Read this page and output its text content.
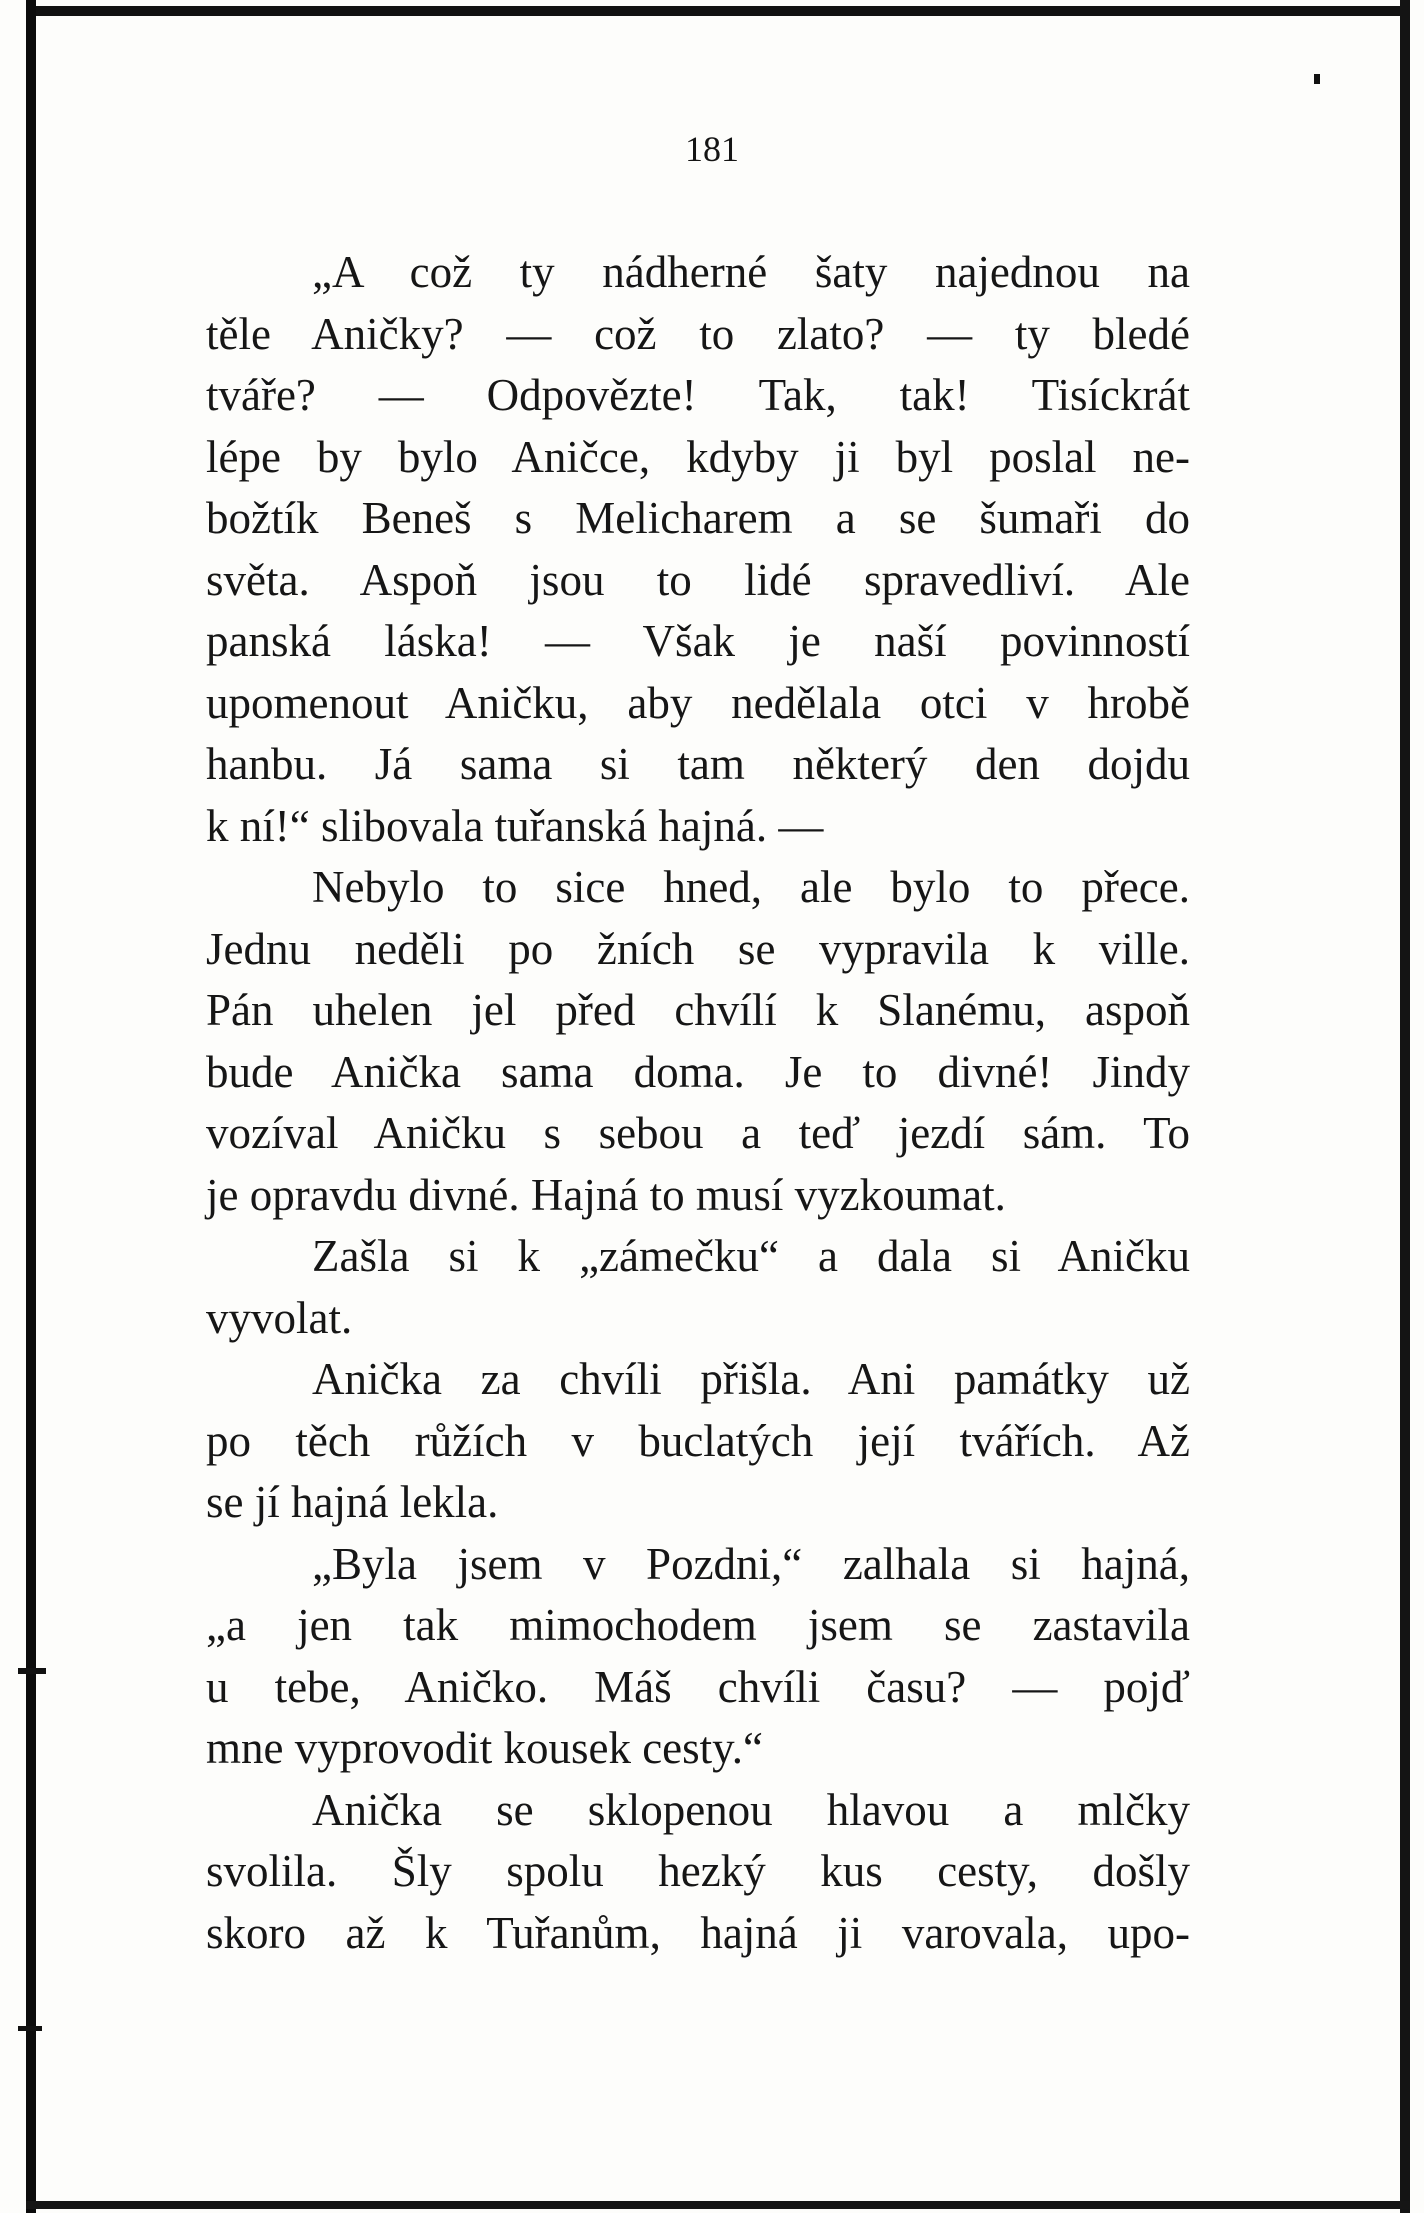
181
„A což ty nádherné šaty najednou na
těle Aničky? — což to zlato? — ty bledé
tváře? — Odpovězte! Tak, tak! Tisíckrát
lépe by bylo Aničce, kdyby ji byl poslal ne-
božtík Beneš s Melicharem a se šumaři do
světa. Aspoň jsou to lidé spravedliví. Ale
panská láska! — Však je naší povinností
upomenout Aničku, aby nedělala otci v hrobě
hanbu. Já sama si tam některý den dojdu
k ní!“ slibovala tuřanská hajná. —
Nebylo to sice hned, ale bylo to přece.
Jednu neděli po žních se vypravila k ville.
Pán uhelen jel před chvílí k Slanému, aspoň
bude Anička sama doma. Je to divné! Jindy
vozíval Aničku s sebou a teď jezdí sám. To
je opravdu divné. Hajná to musí vyzkoumat.
Zašla si k „zámečku“ a dala si Aničku
vyvolat.
Anička za chvíli přišla. Ani památky už
po těch růžích v buclatých její tvářích. Až
se jí hajná lekla.
„Byla jsem v Pozdni,“ zalhala si hajná,
„a jen tak mimochodem jsem se zastavila
u tebe, Aničko. Máš chvíli času? — pojď
mne vyprovodit kousek cesty.“
Anička se sklopenou hlavou a mlčky
svolila. Šly spolu hezký kus cesty, došly
skoro až k Tuřanům, hajná ji varovala, upo-
